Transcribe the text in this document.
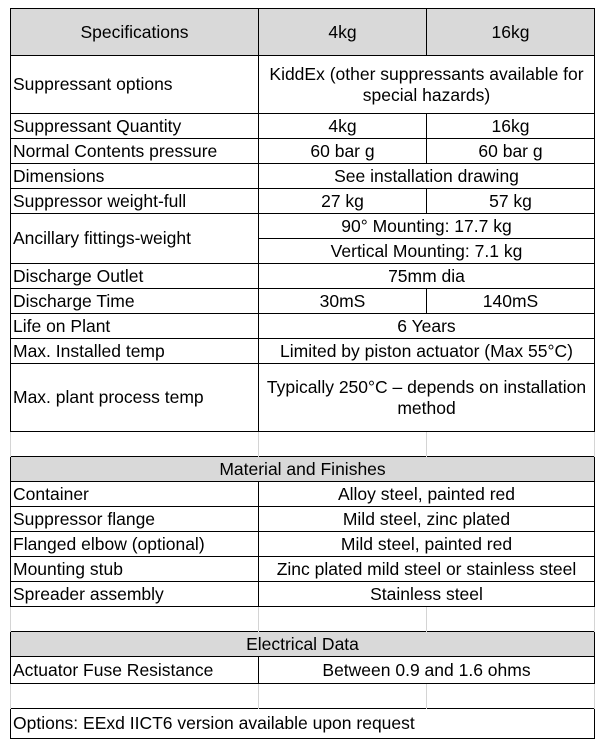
Specifications	4kg	16kg
Suppressant options	KiddEx (other suppressants available for special hazards)	
Suppressant Quantity	4kg	16kg
Normal Contents pressure	60 bar g	60 bar g
Dimensions	See installation drawing	
Suppressor weight-full	27 kg	57 kg
Ancillary fittings-weight	90° Mounting: 17.7 kg	
	Vertical Mounting: 7.1 kg	
Discharge Outlet	75mm dia	
Discharge Time	30mS	140mS
Life on Plant	6 Years	
Max. Installed temp	Limited by piston actuator (Max 55°C)	
Max. plant process temp	Typically 250°C – depends on installation method	

Material and Finishes		
Container	Alloy steel, painted red	
Suppressor flange	Mild steel, zinc plated	
Flanged elbow (optional)	Mild steel, painted red	
Mounting stub	Zinc plated mild steel or stainless steel	
Spreader assembly	Stainless steel	

Electrical Data		
Actuator Fuse Resistance	Between 0.9 and 1.6 ohms	

Options: EExd IICT6 version available upon request		
